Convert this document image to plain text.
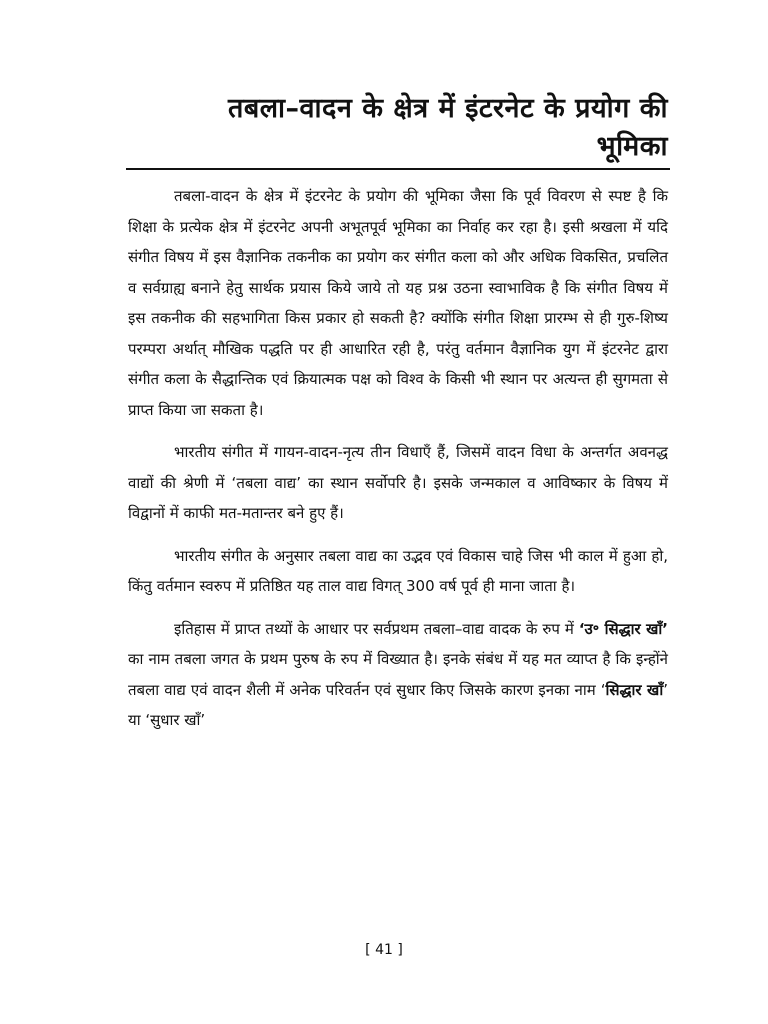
तबला–वादन के क्षेत्र में इंटरनेट के प्रयोग की

भूमिका

तबला-वादन के क्षेत्र में इंटरनेट के प्रयोग की भूमिका जैसा कि पूर्व विवरण से स्पष्ट है कि शिक्षा के प्रत्येक क्षेत्र में इंटरनेट अपनी अभूतपूर्व भूमिका का निर्वाह कर रहा है। इसी श्रखला में यदि संगीत विषय में इस वैज्ञानिक तकनीक का प्रयोग कर संगीत कला को और अधिक विकसित, प्रचलित व सर्वग्राह्य बनाने हेतु सार्थक प्रयास किये जाये तो यह प्रश्न उठना स्वाभाविक है कि संगीत विषय में इस तकनीक की सहभागिता किस प्रकार हो सकती है? क्योंकि संगीत शिक्षा प्रारम्भ से ही गुरु-शिष्य परम्परा अर्थात् मौखिक पद्धति पर ही आधारित रही है, परंतु वर्तमान वैज्ञानिक युग में इंटरनेट द्वारा संगीत कला के सैद्धान्तिक एवं क्रियात्मक पक्ष को विश्व के किसी भी स्थान पर अत्यन्त ही सुगमता से प्राप्त किया जा सकता है।

भारतीय संगीत में गायन-वादन-नृत्य तीन विधाएँ हैं, जिसमें वादन विधा के अन्तर्गत अवनद्ध वाद्यों की श्रेणी में ‘तबला वाद्य’ का स्थान सर्वोपरि है। इसके जन्मकाल व आविष्कार के विषय में विद्वानों में काफी मत-मतान्तर बने हुए हैं।

भारतीय संगीत के अनुसार तबला वाद्य का उद्भव एवं विकास चाहे जिस भी काल में हुआ हो, किंतु वर्तमान स्वरुप में प्रतिष्ठित यह ताल वाद्य विगत् 300 वर्ष पूर्व ही माना जाता है।

इतिहास में प्राप्त तथ्यों के आधार पर सर्वप्रथम तबला–वाद्य वादक के रुप में ‘उ॰ सिद्धार खाँ’ का नाम तबला जगत के प्रथम पुरुष के रुप में विख्यात है। इनके संबंध में यह मत व्याप्त है कि इन्होंने तबला वाद्य एवं वादन शैली में अनेक परिवर्तन एवं सुधार किए जिसके कारण इनका नाम ‘सिद्धार खाँ’ या ‘सुधार खाँ’

[ 41 ]
